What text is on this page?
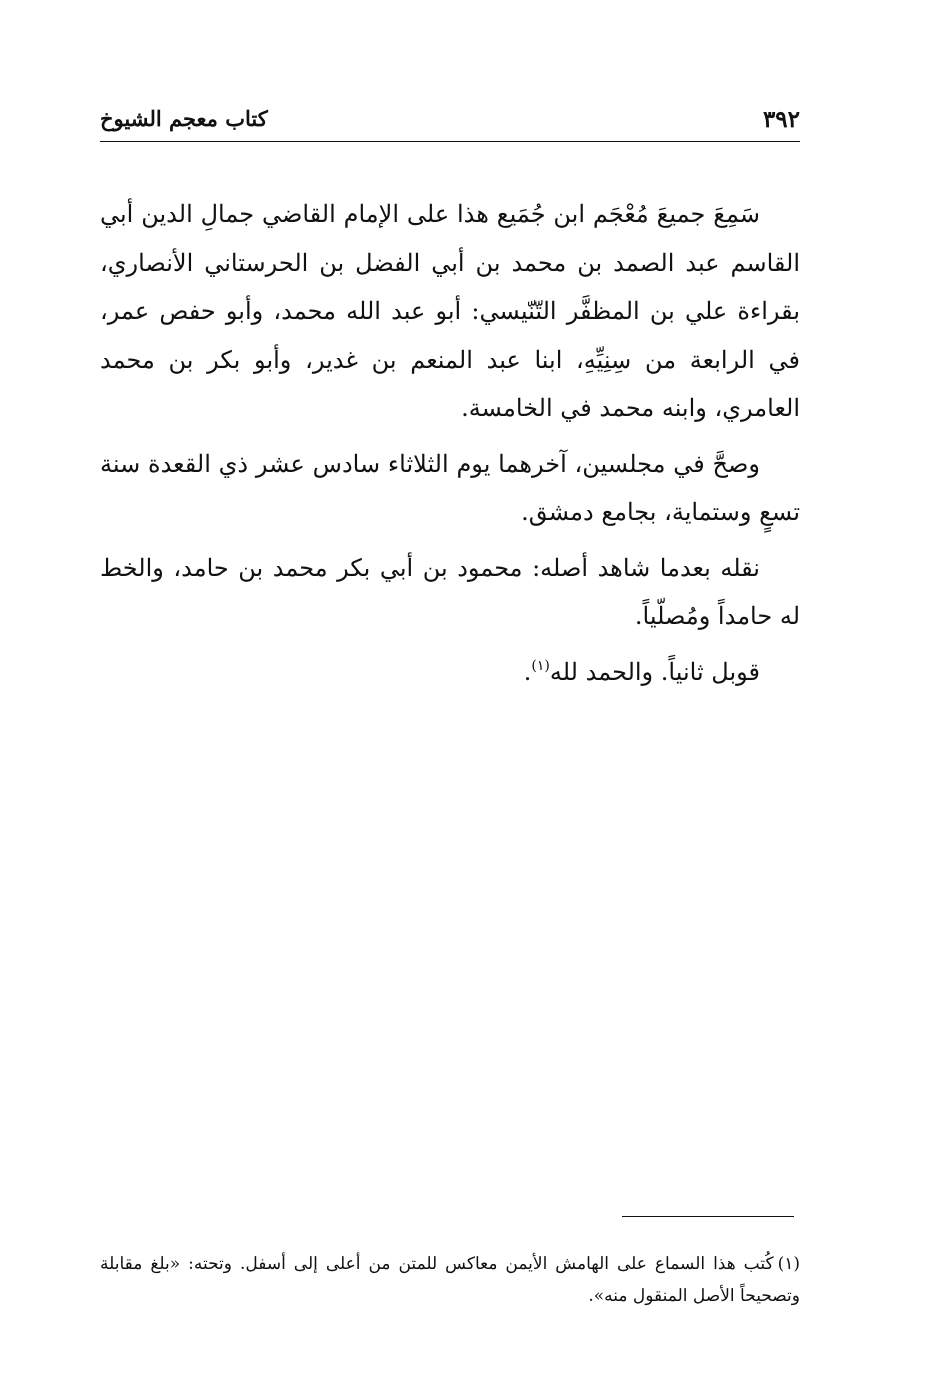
٣٩٢
كتاب معجم الشيوخ

سَمِعَ جميعَ مُعْجَم ابن جُمَيع هذا على الإمام القاضي جمالِ الدين أبي القاسم عبد الصمد بن محمد بن أبي الفضل بن الحرستاني الأنصاري، بقراءة علي بن المظفَّر التّنّيسي: أبو عبد الله محمد، وأبو حفص عمر، في الرابعة من سِنِيِّهِ، ابنا عبد المنعم بن غدير، وأبو بكر بن محمد العامري، وابنه محمد في الخامسة.

وصحَّ في مجلسين، آخرهما يوم الثلاثاء سادس عشر ذي القعدة سنة تسعٍ وستماية، بجامع دمشق.

نقله بعدما شاهد أصله: محمود بن أبي بكر محمد بن حامد، والخط له حامداً ومُصلّياً.

قوبل ثانياً. والحمد لله$^{(١)}$.

(١)كُتب هذا السماع على الهامش الأيمن معاكس للمتن من أعلى إلى أسفل. وتحته: «بلغ مقابلة وتصحيحاً الأصل المنقول منه».
